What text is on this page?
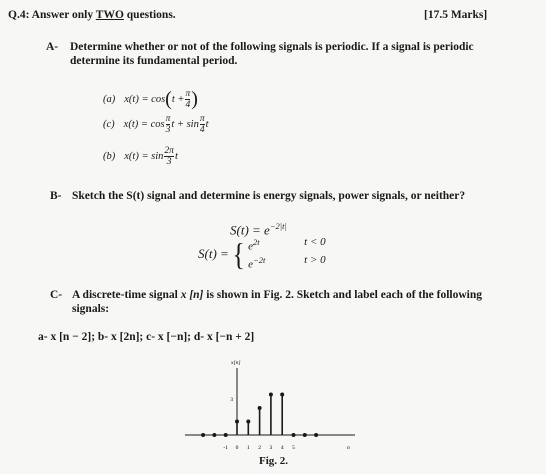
Q.4: Answer only TWO questions.	[17.5 Marks]
A- Determine whether or not of the following signals is periodic. If a signal is periodic
determine its fundamental period.
(a) x(t) = cos ( $t + \frac{\pi}{4}$ )
(c) $x(t) = \cos \frac{\pi}{3}$ $t + \sin \frac{\pi}{4}$ t
(b) $x(t) = \sin \frac{2\pi}{3}$ t
B- Sketch the S(t) signal and determine is energy signals, power signals, or neither?
$S(t) = e^{-2|t|}$
S(t) = { $e^{2t}$	t < 0
$e^{-2t}$	t > 0
C- A discrete-time signal x [n] is shown in Fig. 2. Sketch and label each of the following
signals:
a- x [n − 2]; b- x [2n]; c- x [−n]; d- x [−n + 2]
x[n]
n
3
-1 0 1 2 3 4 5
Fig. 2.
